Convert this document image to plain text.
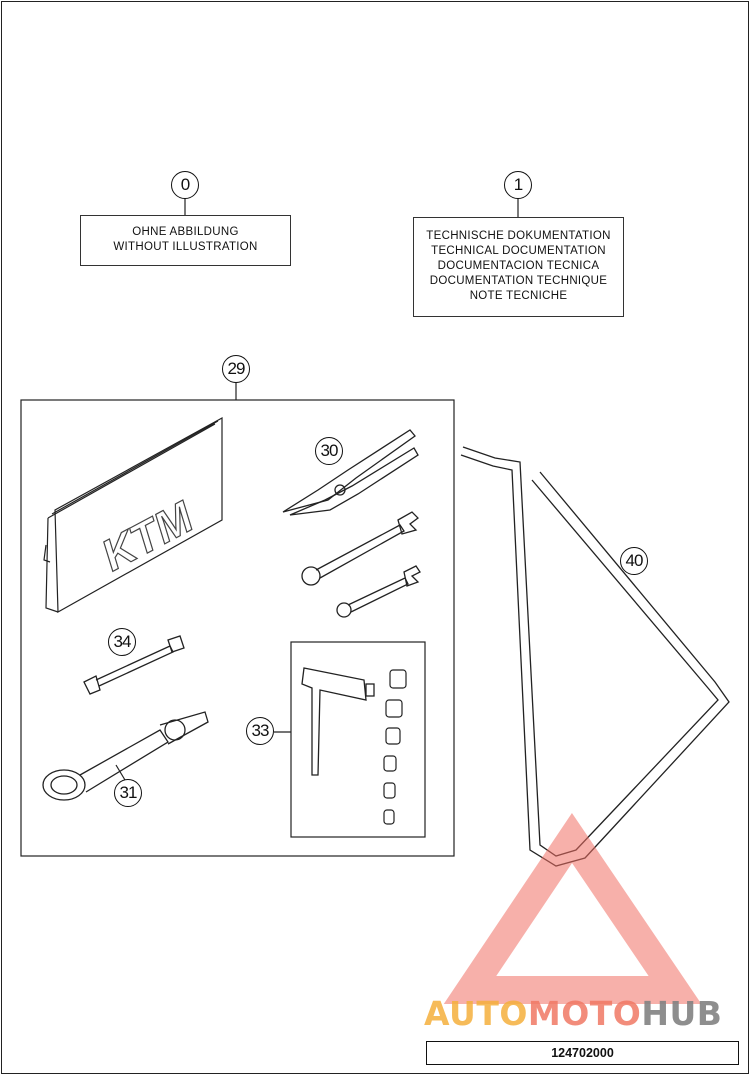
KTM
0	1
29
30
34
33
31
40
OHNE ABBILDUNG
WITHOUT ILLUSTRATION
TECHNISCHE DOKUMENTATION
TECHNICAL DOCUMENTATION
DOCUMENTACION TECNICA
DOCUMENTATION TECHNIQUE
NOTE TECNICHE
AUTOMOTOHUB
124702000
